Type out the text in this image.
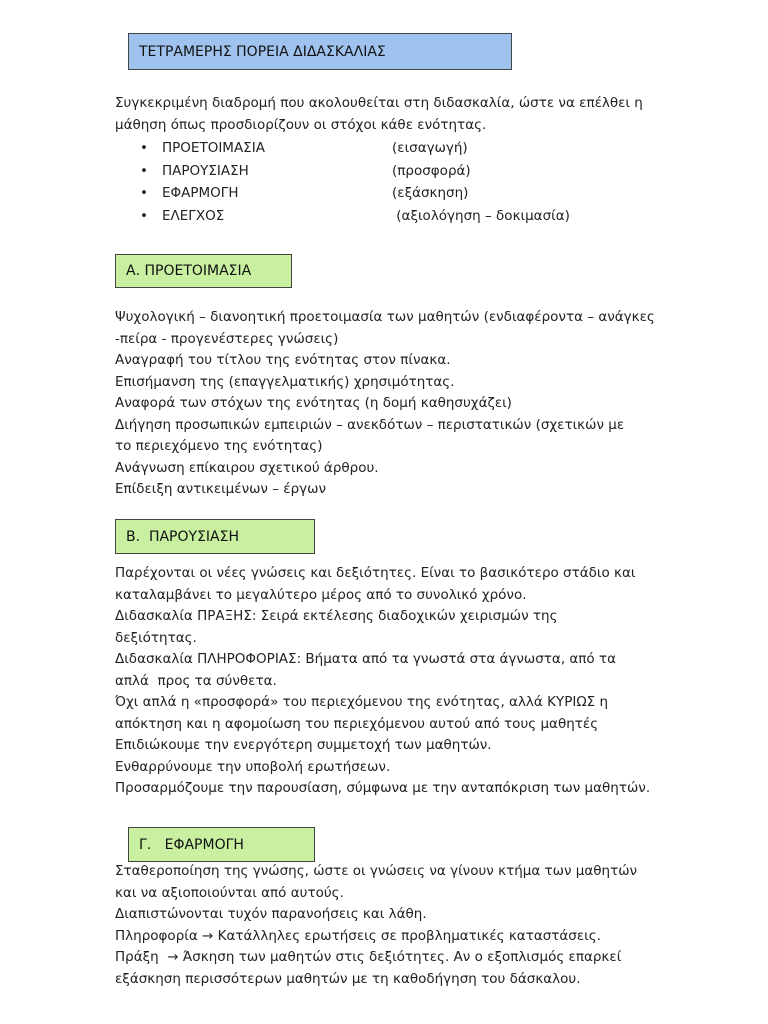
ΤΕΤΡΑΜΕΡΗΣ ΠΟΡΕΙΑ ΔΙΔΑΣΚΑΛΙΑΣ

Συγκεκριμένη διαδρομή που ακολουθείται στη διδασκαλία, ώστε να επέλθει η

μάθηση όπως προσδιορίζουν οι στόχοι κάθε ενότητας.

•	ΠΡΟΕΤΟΙΜΑΣΙΑ	(εισαγωγή)
•	ΠΑΡΟΥΣΙΑΣΗ	(προσφορά)
•	ΕΦΑΡΜΟΓΗ	(εξάσκηση)
•	ΕΛΕΓΧΟΣ	(αξιολόγηση – δοκιμασία)
Α. ΠΡΟΕΤΟΙΜΑΣΙΑ

Ψυχολογική – διανοητική προετοιμασία των μαθητών (ενδιαφέροντα – ανάγκες

-πείρα - προγενέστερες γνώσεις)

Αναγραφή του τίτλου της ενότητας στον πίνακα.

Επισήμανση της (επαγγελματικής) χρησιμότητας.

Αναφορά των στόχων της ενότητας (η δομή καθησυχάζει)

Διήγηση προσωπικών εμπειριών – ανεκδότων – περιστατικών (σχετικών με

το περιεχόμενο της ενότητας)

Ανάγνωση επίκαιρου σχετικού άρθρου.

Επίδειξη αντικειμένων – έργων

Β.  ΠΑΡΟΥΣΙΑΣΗ

Παρέχονται οι νέες γνώσεις και δεξιότητες. Είναι το βασικότερο στάδιο και

καταλαμβάνει το μεγαλύτερο μέρος από το συνολικό χρόνο.

Διδασκαλία ΠΡΑΞΗΣ: Σειρά εκτέλεσης διαδοχικών χειρισμών της

δεξιότητας.

Διδασκαλία ΠΛΗΡΟΦΟΡΙΑΣ: Βήματα από τα γνωστά στα άγνωστα, από τα

απλά  προς τα σύνθετα.

Όχι απλά η «προσφορά» του περιεχόμενου της ενότητας, αλλά ΚΥΡΙΩΣ η

απόκτηση και η αφομοίωση του περιεχόμενου αυτού από τους μαθητές

Επιδιώκουμε την ενεργότερη συμμετοχή των μαθητών.

Ενθαρρύνουμε την υποβολή ερωτήσεων.

Προσαρμόζουμε την παρουσίαση, σύμφωνα με την ανταπόκριση των μαθητών.

Γ.   ΕΦΑΡΜΟΓΗ

Σταθεροποίηση της γνώσης, ώστε οι γνώσεις να γίνουν κτήμα των μαθητών

και να αξιοποιούνται από αυτούς.

Διαπιστώνονται τυχόν παρανοήσεις και λάθη.

Πληροφορία → Κατάλληλες ερωτήσεις σε προβληματικές καταστάσεις.

Πράξη  → Άσκηση των μαθητών στις δεξιότητες. Αν ο εξοπλισμός επαρκεί

εξάσκηση περισσότερων μαθητών με τη καθοδήγηση του δάσκαλου.
